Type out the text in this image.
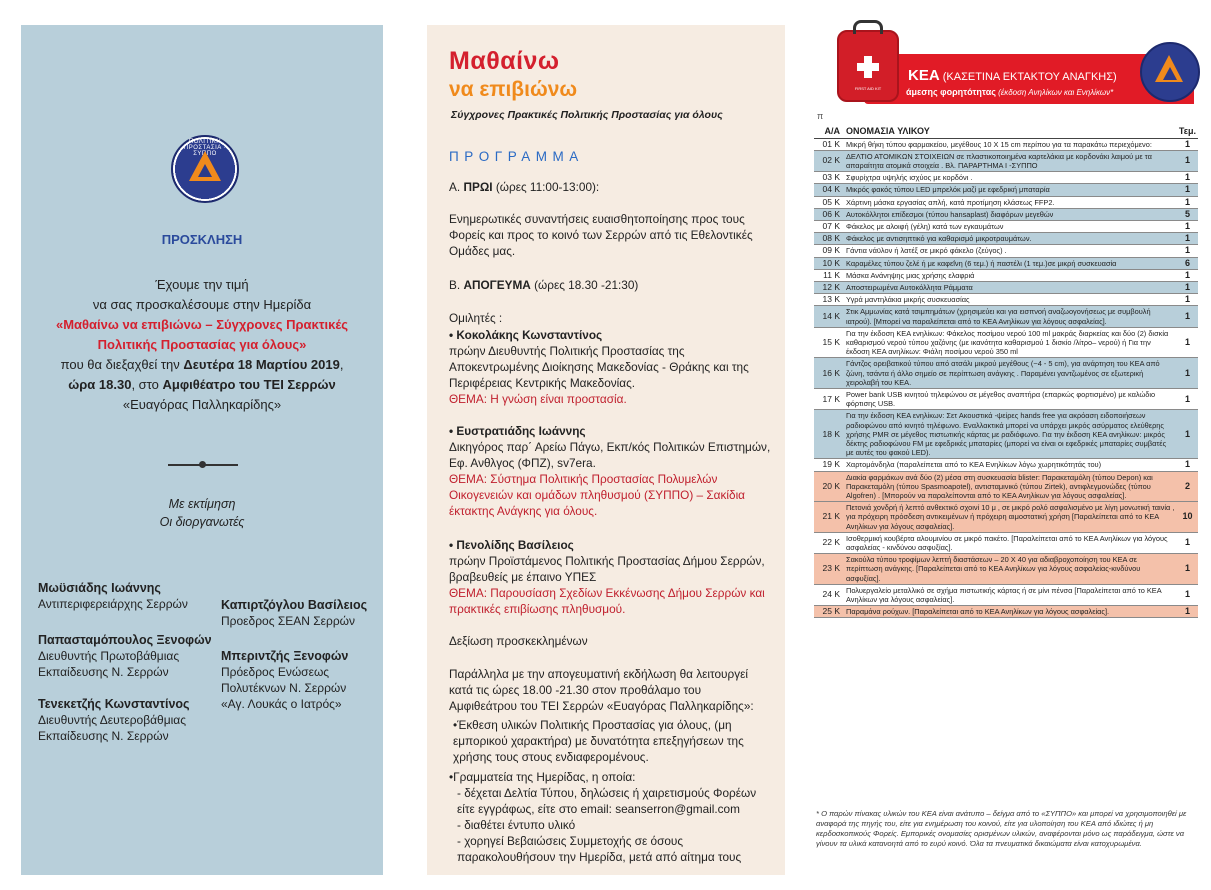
ΠΟΛΙΤΙΚΗ ΠΡΟΣΤΑΣΙΑ · ΣΥΠΠΟ
ΠΡΟΣΚΛΗΣΗ
Έχουμε την τιμή
να σας προσκαλέσουμε στην Ημερίδα
«Μαθαίνω να επιβιώνω – Σύγχρονες Πρακτικές
Πολιτικής Προστασίας για όλους»
που θα διεξαχθεί την Δευτέρα 18 Μαρτίου 2019,
ώρα 18.30, στο Αμφιθέατρο του ΤΕΙ Σερρών
«Ευαγόρας Παλληκαρίδης»
Με εκτίμηση
Οι διοργανωτές
Μωϋσιάδης Ιωάννης
Αντιπεριφερειάρχης Σερρών	Καπιρτζόγλου Βασίλειος
Προεδρος ΣΕΑΝ Σερρών
Παπασταμόπουλος Ξενοφών
Διευθυντής Πρωτοβάθμιας
Εκπαίδευσης Ν. Σερρών
Μπεριντζής Ξενοφών
Πρόεδρος Ενώσεως
Πολυτέκνων Ν. Σερρών
«Αγ. Λουκάς ο Ιατρός»
Τενεκετζής Κωνσταντίνος
Διευθυντής Δευτεροβάθμιας
Εκπαίδευσης Ν. Σερρών
Μαθαίνω
να επιβιώνω
Σύγχρονες Πρακτικές Πολιτικής Προστασίας για όλους
ΠΡΟΓΡΑΜΜΑ
Α. ΠΡΩΙ (ώρες 11:00-13:00):
Ενημερωτικές συναντήσεις ευαισθητοποίησης προς τους Φορείς και προς το κοινό των Σερρών από τις Εθελοντικές Ομάδες μας.
Β. ΑΠΟΓΕΥΜΑ (ώρες 18.30 -21:30)
Ομιλητές :
• Κοκολάκης Κωνσταντίνος
πρώην Διευθυντής Πολιτικής Προστασίας της Αποκεντρωμένης Διοίκησης Μακεδονίας - Θράκης και της Περιφέρειας Κεντρικής Μακεδονίας.
ΘΕΜΑ: Η γνώση είναι προστασία.
• Ευστρατιάδης Ιωάννης
Δικηγόρος παρ΄ Αρείω Πάγω, Εκπ/κός Πολιτικών Επιστημών, Εφ. Ανθλγος (ΦΠΖ), sv7era.
ΘΕΜΑ: Σύστημα Πολιτικής Προστασίας Πολυμελών Οικογενειών και ομάδων πληθυσμού (ΣΥΠΠΟ) – Σακίδια έκτακτης Ανάγκης για όλους.
• Πενολίδης Βασίλειος
πρώην Προϊστάμενος Πολιτικής Προστασίας Δήμου Σερρών, βραβευθείς με έπαινο ΥΠΕΣ
ΘΕΜΑ: Παρουσίαση Σχεδίων Εκκένωσης Δήμου Σερρών και πρακτικές επιβίωσης πληθυσμού.
Δεξίωση προσκεκλημένων
Παράλληλα με την απογευματινή εκδήλωση θα λειτουργεί κατά τις ώρες 18.00 -21.30 στον προθάλαμο του Αμφιθεάτρου του ΤΕΙ Σερρών «Ευαγόρας Παλληκαρίδης»:
•Έκθεση υλικών Πολιτικής Προστασίας για όλους, (μη εμπορικού χαρακτήρα) με δυνατότητα επεξηγήσεων της χρήσης τους στους ενδιαφερομένους.
•Γραμματεία της Ημερίδας, η οποία:
- δέχεται Δελτία Τύπου, δηλώσεις ή χαιρετισμούς Φορέων είτε εγγράφως, είτε στο email: seanserron@gmail.com
- διαθέτει έντυπο υλικό
- χορηγεί Βεβαιώσεις Συμμετοχής σε όσους παρακολουθήσουν την Ημερίδα, μετά από αίτημα τους
FIRST AID KIT
ΚΕΑ (ΚΑΣΕΤΙΝΑ ΕΚΤΑΚΤΟΥ ΑΝΑΓΚΗΣ)
άμεσης φορητότητας (έκδοση Ανηλίκων και Ενηλίκων*
π
Α/Α	ΟΝΟΜΑΣΙΑ ΥΛΙΚΟΥ	Τεμ.
01 Κ	Μικρή θήκη τύπου φαρμακείου, μεγέθους 10 Χ 15 cm περίπου για τα παρακάτω περιεχόμενο:	1
02 Κ	ΔΕΛΤΙΟ ΑΤΟΜΙΚΩΝ ΣΤΟΙΧΕΙΩΝ σε πλαστικοποιημένα καρτελάκια με κορδονάκι λαιμού με τα απαραίτητα ατομικά στοιχεία . Βλ. ΠΑΡΑΡΤΗΜΑ Ι -ΣΥΠΠΟ	1
03 Κ	Σφυρίχτρα υψηλής ισχύος με κορδόνι .	1
04 Κ	Μικρός φακός τύπου LED μπρελόκ μαζί με εφεδρική μπαταρία	1
05 Κ	Χάρτινη μάσκα εργασίας απλή, κατά προτίμηση κλάσεως FFP2.	1
06 Κ	Αυτοκόλλητοι επίδεσμοι (τύπου hansaplast) διαφόρων μεγεθών	5
07 Κ	Φάκελος με αλοιφή (γέλη) κατά των εγκαυμάτων	1
08 Κ	Φάκελος με αντισηπτικό για καθαρισμό μικροτραυμάτων.	1
09 Κ	Γάντια νάϋλον ή λατέξ σε μικρό φάκελο (ζεύγος) .	1
10 Κ	Καραμέλες τύπου ζελέ ή με καφεΐνη (6 τεμ.) ή παστέλι (1 τεμ.)σε μικρή συσκευασία	6
11 Κ	Μάσκα Ανάνηψης μιας χρήσης ελαφριά	1
12 Κ	Αποστειρωμένα Αυτοκόλλητα Ράμματα	1
13 Κ	Υγρά μαντηλάκια μικρής συσκευασίας	1
14 Κ	Στικ Αμμωνίας κατά τσιμπημάτων (χρησιμεύει και για εισπνοή αναζωογονήσεως με συμβουλή ιατρού). [Μπορεί να παραλείπεται από το ΚΕΑ Ανηλίκων για λόγους ασφαλείας].	1
15 Κ	Για την έκδοση ΚΕΑ ενηλίκων: Φάκελος ποσίμου νερού 100 ml μακράς διαρκείας και δύο (2) δισκία καθαρισμού νερού τύπου χαζόνης (με ικανότητα καθαρισμού 1 δισκίο /λίτρο– νερού) ή Για την έκδοση ΚΕΑ ανηλίκων: Φιάλη ποσίμου νερού 350 ml	1
16 Κ	Γάντζος ορειβατικού τύπου από ατσάλι μικρού μεγέθους (~4 - 5 cm), για ανάρτηση του ΚΕΑ από ζώνη, τσάντα ή άλλο σημείο σε περίπτωση ανάγκης . Παραμένει γαντζωμένος σε εξωτερική χειρολαβή του ΚΕΑ.	1
17 Κ	Power bank USB κινητού τηλεφώνου σε μέγεθος αναπτήρα (επαρκώς φορτισμένο) με καλώδιο φόρτισης USB.	1
18 Κ	Για την έκδοση ΚΕΑ ενηλίκων: Σετ Ακουστικά -ψείρες hands free για ακρόαση ειδοποιήσεων ραδιοφώνου από κινητό τηλέφωνο. Εναλλακτικά μπορεί να υπάρχει μικρός ασύρματος ελεύθερης χρήσης PMR σε μέγεθος πιστωτικής κάρτας με ραδιόφωνο. Για την έκδοση ΚΕΑ ανηλίκων: μικρός δέκτης ραδιοφώνου FM με εφεδρικές μπαταρίες (μπορεί να είναι οι εφεδρικές μπαταρίες συμβατές με αυτές του φακού LED).	1
19 Κ	Χαρτομάνδηλα (παραλείπεται από το ΚΕΑ Ενηλίκων λόγω χωρητικότητάς του)	1
20 Κ	Διακία φαρμάκων ανά δύο (2) μέσα στη συσκευασία blister: Παρακεταμόλη (τύπου Depon) και Παρακεταμόλη (τύπου Spasmoapotel), αντισταμινικό (τύπου Zirtek), αντιφλεγμονώδες (τύπου Algofren) . [Μπορούν να παραλείπονται από το ΚΕΑ Ανηλίκων για λόγους ασφαλείας].	2
21 Κ	Πετονιά χονδρή ή λεπτό ανθεκτικό σχοινί 10 μ , σε μικρό ρολό ασφαλισμένο με λίγη μονωτική ταινία , για πρόχειρη πρόσδεση αντικειμένων ή πρόχειρη αιμοστατική χρήση [Παραλείπεται από το ΚΕΑ Ανηλίκων για λόγους ασφαλείας].	10
22 Κ	Ισοθερμική κουβέρτα αλουμινίου σε μικρό πακέτο. [Παραλείπεται από το ΚΕΑ Ανηλίκων για λόγους ασφαλείας - κινδύνου ασφυξίας].	1
23 Κ	Σακούλα τύπου τροφίμων λεπτή διαστάσεων – 20 Χ 40 για αδιαβροχοποίηση του ΚΕΑ σε περίπτωση ανάγκης. [Παραλείπεται από το ΚΕΑ Ανηλίκων για λόγους ασφαλείας-κινδύνου ασφυξίας].	1
24 Κ	Πολυεργαλείο μεταλλικό σε σχήμα πιστωτικής κάρτας ή σε μίνι πένσα [Παραλείπεται από το ΚΕΑ Ανηλίκων για λόγους ασφαλείας].	1
25 Κ	Παραμάνα ρούχων. [Παραλείπεται από το ΚΕΑ Ανηλίκων για λόγους ασφαλείας].	1
* Ο παρών πίνακας υλικών του ΚΕΑ είναι ανάτυπο – δείγμα από το «ΣΥΠΠΟ» και μπορεί να χρησιμοποιηθεί με αναφορά της πηγής του, είτε για ενημέρωση του κοινού, είτε για υλοποίηση του ΚΕΑ από ιδιώτες ή μη κερδοσκοπικούς Φορείς. Εμπορικές ονομασίες ορισμένων υλικών, αναφέρονται μόνο ως παράδειγμα, ώστε να γίνουν τα υλικά κατανοητά από το ευρύ κοινό. Όλα τα πνευματικά δικαιώματα είναι κατοχυρωμένα.
